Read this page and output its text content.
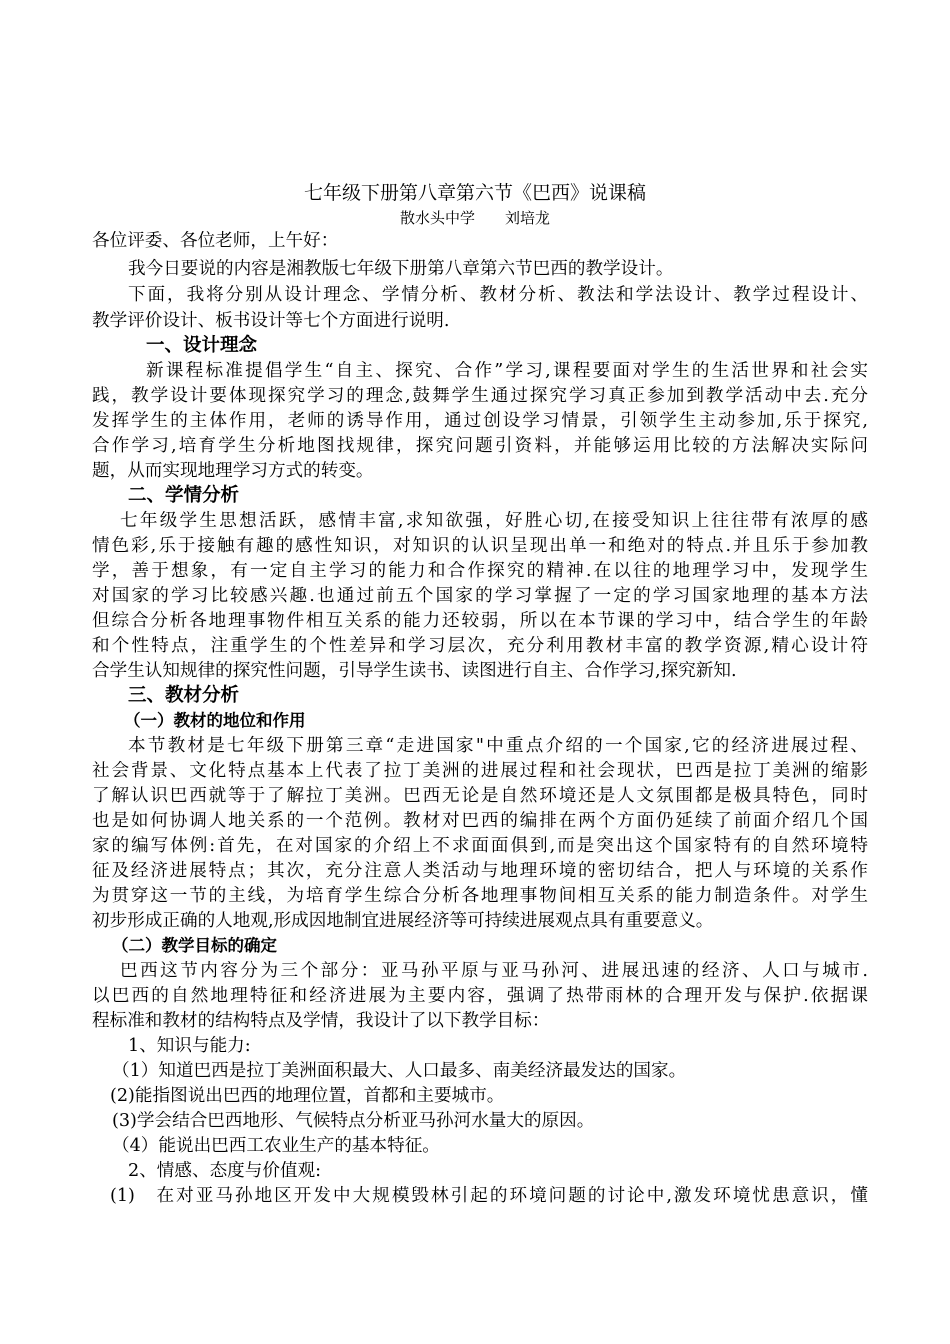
七年级下册第八章第六节《巴西》说课稿
散水头中学　　刘培龙
各位评委、各位老师，上午好：
我今日要说的内容是湘教版七年级下册第八章第六节巴西的教学设计。
下面，我将分别从设计理念、学情分析、教材分析、教法和学法设计、教学过程设计、
教学评价设计、板书设计等七个方面进行说明.
一、设计理念
新课程标准提倡学生“自主、探究、合作”学习,课程要面对学生的生活世界和社会实
践，教学设计要体现探究学习的理念,鼓舞学生通过探究学习真正参加到教学活动中去.充分
发挥学生的主体作用，老师的诱导作用，通过创设学习情景，引领学生主动参加,乐于探究,
合作学习,培育学生分析地图找规律，探究问题引资料，并能够运用比较的方法解决实际问
题，从而实现地理学习方式的转变。
二、学情分析
七年级学生思想活跃，感情丰富,求知欲强，好胜心切,在接受知识上往往带有浓厚的感
情色彩,乐于接触有趣的感性知识，对知识的认识呈现出单一和绝对的特点.并且乐于参加教
学，善于想象，有一定自主学习的能力和合作探究的精神.在以往的地理学习中，发现学生
对国家的学习比较感兴趣.也通过前五个国家的学习掌握了一定的学习国家地理的基本方法
但综合分析各地理事物件相互关系的能力还较弱，所以在本节课的学习中，结合学生的年龄
和个性特点，注重学生的个性差异和学习层次，充分利用教材丰富的教学资源,精心设计符
合学生认知规律的探究性问题，引导学生读书、读图进行自主、合作学习,探究新知.
三、教材分析
（一）教材的地位和作用
本节教材是七年级下册第三章“走进国家"中重点介绍的一个国家,它的经济进展过程、
社会背景、文化特点基本上代表了拉丁美洲的进展过程和社会现状，巴西是拉丁美洲的缩影
了解认识巴西就等于了解拉丁美洲。巴西无论是自然环境还是人文氛围都是极具特色，同时
也是如何协调人地关系的一个范例。教材对巴西的编排在两个方面仍延续了前面介绍几个国
家的编写体例:首先，在对国家的介绍上不求面面俱到,而是突出这个国家特有的自然环境特
征及经济进展特点；其次，充分注意人类活动与地理环境的密切结合，把人与环境的关系作
为贯穿这一节的主线，为培育学生综合分析各地理事物间相互关系的能力制造条件。对学生
初步形成正确的人地观,形成因地制宜进展经济等可持续进展观点具有重要意义。
（二）教学目标的确定
巴西这节内容分为三个部分：亚马孙平原与亚马孙河、进展迅速的经济、人口与城市.
以巴西的自然地理特征和经济进展为主要内容，强调了热带雨林的合理开发与保护.依据课
程标准和教材的结构特点及学情，我设计了以下教学目标：
1、知识与能力:
（1）知道巴西是拉丁美洲面积最大、人口最多、南美经济最发达的国家。
(2)能指图说出巴西的地理位置，首都和主要城市。
(3)学会结合巴西地形、气候特点分析亚马孙河水量大的原因。
（4）能说出巴西工农业生产的基本特征。
2、情感、态度与价值观:
(1)　在对亚马孙地区开发中大规模毁林引起的环境问题的讨论中,激发环境忧患意识，懂
